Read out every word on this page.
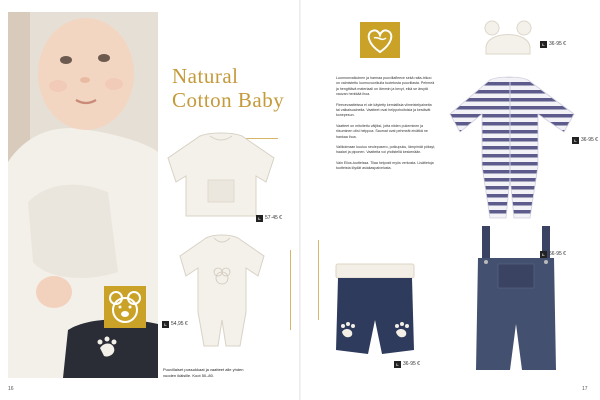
Natural
Cotton Baby
L 57·45 €
L 54,95 €
Puuvillaiset pussukkaat ja vaatteet alle yhden vuoden ikäisille. Koot 50–80.
16	17

Luonnonvalkoinen ja harmaa puuvillafleece sekä raita-trikoo on valmistettu luomuvuorikulla tuotetusta puuvillasta. Pehmeä ja hengittävä materiaali on lämmin ja kevyt, eikä se ärsytä vauvan herkkää ihoa.

Fleecevaatteissa ei ole käytetty kemiallisia viimeistelyaineita tai valkaisuaineita. Vaatteet ovat helppohoitoisia ja kestävät konepesun.

Vaatteet on mitoitettu väljiksi, jotta niiden pukeminen ja riisuminen olisi helppoa. Saumat ovat pehmeät eivätkä ne hankaa ihoa.

Valikoimaan kuuluu neulepusero, potkupuku, lämpimät pöksyt, haalari ja piponen. Vaatteita voi yhdistellä keskenään.

Vain Ellos-tuotteissa. Tilaa helposti myös verkosta. Lisätietoja tuotteista löydät asiakaspalvelusta.

L 36·95 €
L 36·95 €
L 36·95 €
L 56·95 €
